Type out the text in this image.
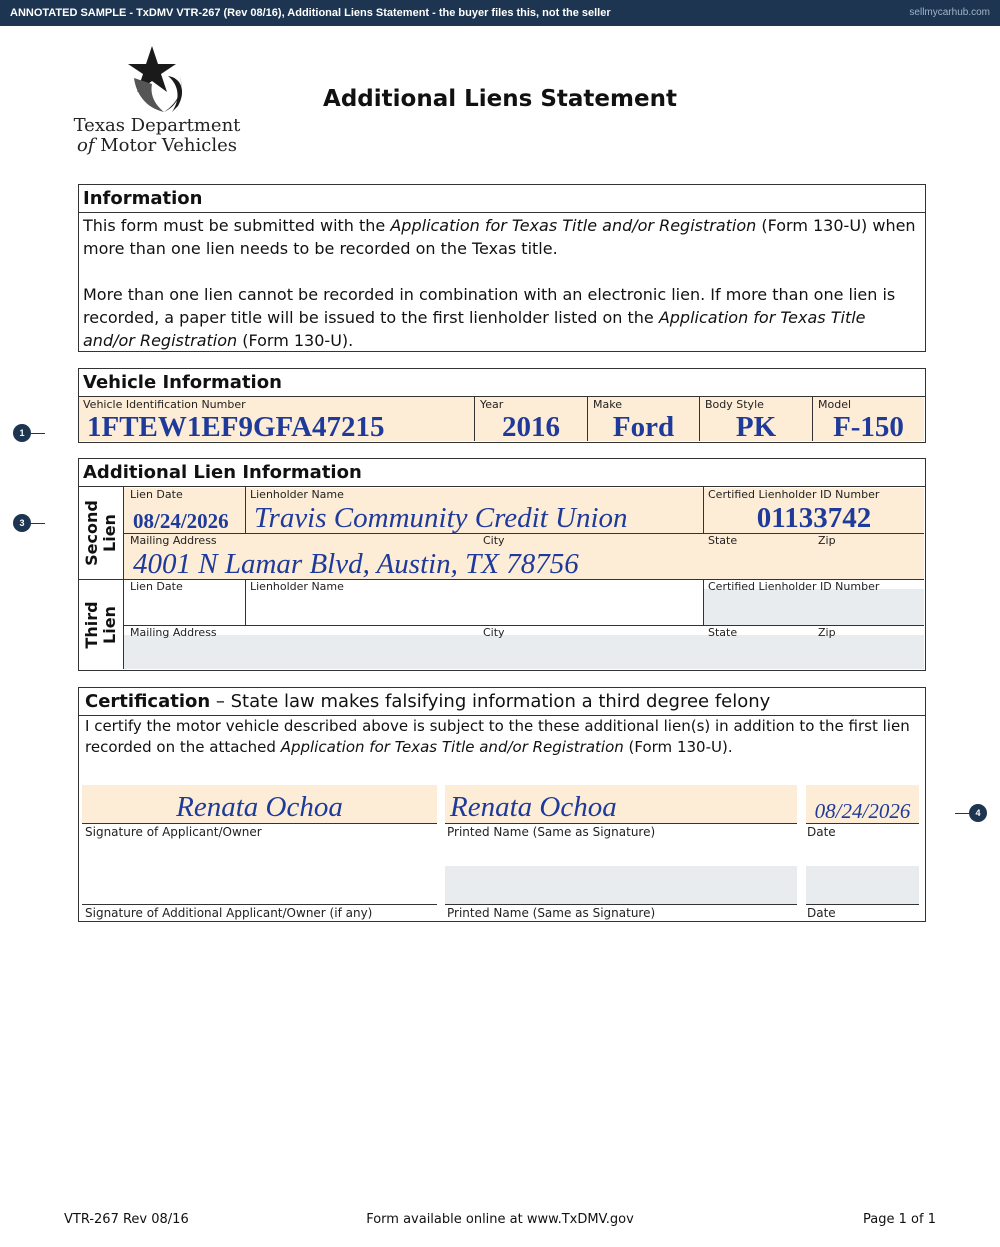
ANNOTATED SAMPLE - TxDMV VTR-267 (Rev 08/16), Additional Liens Statement - the buyer files this, not the seller	sellmycarhub.com
Texas Department
of Motor Vehicles
Additional Liens Statement
Information

This form must be submitted with the Application for Texas Title and/or Registration (Form 130-U) when more than one lien needs to be recorded on the Texas title.

More than one lien cannot be recorded in combination with an electronic lien. If more than one lien is recorded, a paper title will be issued to the first lienholder listed on the Application for Texas Title and/or Registration (Form 130-U).

Vehicle Information
Vehicle Identification Number
1FTEW1EF9GFA47215
Year
2016
Make
Ford
Body Style
PK
Model
F-150
Additional Lien Information
Second Lien
Third Lien
Lien Date
08/24/2026
Lienholder Name
Travis Community Credit Union
Certified Lienholder ID Number
01133742
Mailing Address	City	State	Zip
4001 N Lamar Blvd, Austin, TX 78756
Lien Date	Lienholder Name	Certified Lienholder ID Number
Mailing Address	City	State	Zip
Certification – State law makes falsifying information a third degree felony
I certify the motor vehicle described above is subject to the these additional lien(s) in addition to the first lien recorded on the attached Application for Texas Title and/or Registration (Form 130-U).
Renata Ochoa	Renata Ochoa	08/24/2026
Signature of Applicant/Owner	Printed Name (Same as Signature)	Date
Signature of Additional Applicant/Owner (if any)	Printed Name (Same as Signature)	Date
1
3
4
VTR-267 Rev 08/16	Form available online at www.TxDMV.gov	Page 1 of 1
